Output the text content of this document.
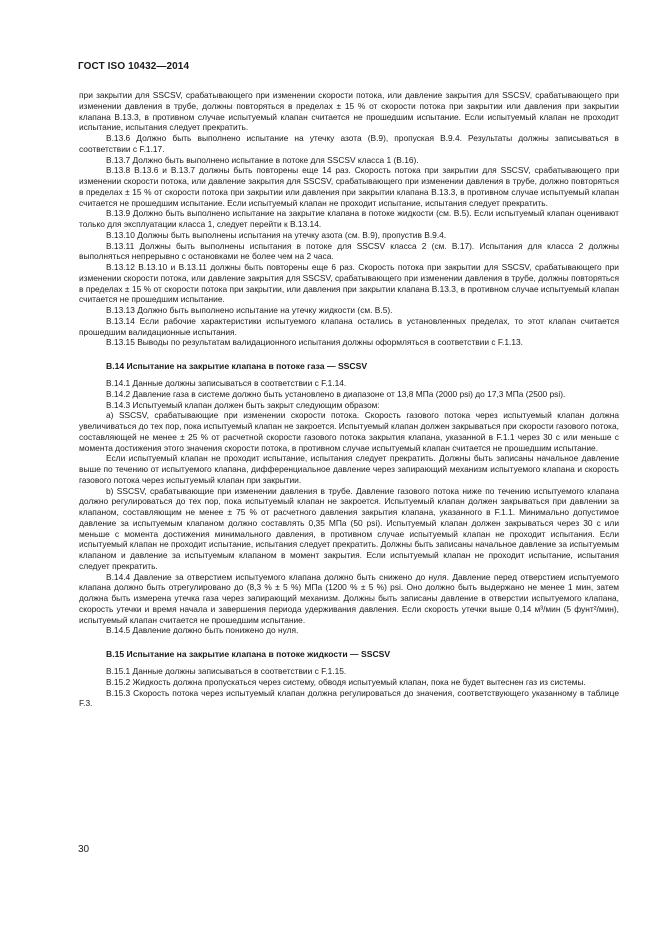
ГОСТ ISO 10432—2014

при закрытии для SSCSV, срабатывающего при изменении скорости потока, или давление закрытия для SSCSV, срабатывающего при изменении давления в трубе, должны повторяться в пределах ± 15 % от скорости потока при закрытии или давления при закрытии клапана В.13.3, в противном случае испытуемый клапан считается не прошедшим испытание. Если испытуемый клапан не проходит испытание, испытания следует прекратить.

В.13.6 Должно быть выполнено испытание на утечку азота (В.9), пропуская В.9.4. Результаты должны записываться в соответствии с F.1.17.

В.13.7 Должно быть выполнено испытание в потоке для SSCSV класса 1 (В.16).

В.13.8 В.13.6 и В.13.7 должны быть повторены еще 14 раз. Скорость потока при закрытии для SSCSV, срабатывающего при изменении скорости потока, или давление закрытия для SSCSV, срабатывающего при изменении давления в трубе, должно повторяться в пределах ± 15 % от скорости потока при закрытии или давления при закрытии клапана В.13.3, в противном случае испытуемый клапан считается не прошедшим испытание. Если испытуемый клапан не проходит испытание, испытания следует прекратить.

В.13.9 Должно быть выполнено испытание на закрытие клапана в потоке жидкости (см. В.5). Если испытуемый клапан оценивают только для эксплуатации класса 1, следует перейти к В.13.14.

В.13.10 Должны быть выполнены испытания на утечку азота (см. В.9), пропустив В.9.4.

В.13.11 Должны быть выполнены испытания в потоке для SSCSV класса 2 (см. В.17). Испытания для класса 2 должны выполняться непрерывно с остановками не более чем на 2 часа.

В.13.12 В.13.10 и В.13.11 должны быть повторены еще 6 раз. Скорость потока при закрытии для SSCSV, срабатывающего при изменении скорости потока, или давление закрытия для SSCSV, срабатывающего при изменении давления в трубе, должны повторяться в пределах ± 15 % от скорости потока при закрытии, или давления при закрытии клапана В.13.3, в противном случае испытуемый клапан считается не прошедшим испытание.

В.13.13 Должно быть выполнено испытание на утечку жидкости (см. В.5).

В.13.14 Если рабочие характеристики испытуемого клапана остались в установленных пределах, то этот клапан считается прошедшим валидационные испытания.

В.13.15 Выводы по результатам валидационного испытания должны оформляться в соответствии с F.1.13.

В.14 Испытание на закрытие клапана в потоке газа — SSCSV

В.14.1 Данные должны записываться в соответствии с F.1.14.

В.14.2 Давление газа в системе должно быть установлено в диапазоне от 13,8 МПа (2000 psi) до 17,3 МПа (2500 psi).

В.14.3 Испытуемый клапан должен быть закрыт следующим образом:

a) SSCSV, срабатывающие при изменении скорости потока. Скорость газового потока через испытуемый клапан должна увеличиваться до тех пор, пока испытуемый клапан не закроется. Испытуемый клапан должен закрываться при скорости газового потока, составляющей не менее ± 25 % от расчетной скорости газового потока закрытия клапана, указанной в F.1.1 через 30 с или меньше с момента достижения этого значения скорости потока, в противном случае испытуемый клапан считается не прошедшим испытание.

Если испытуемый клапан не проходит испытание, испытания следует прекратить. Должны быть записаны начальное давление выше по течению от испытуемого клапана, дифференциальное давление через запирающий механизм испытуемого клапана и скорость газового потока через испытуемый клапан при закрытии.

b) SSCSV, срабатывающие при изменении давления в трубе. Давление газового потока ниже по течению испытуемого клапана должно регулироваться до тех пор, пока испытуемый клапан не закроется. Испытуемый клапан должен закрываться при давлении за клапаном, составляющим не менее ± 75 % от расчетного давления закрытия клапана, указанного в F.1.1. Минимально допустимое давление за испытуемым клапаном должно составлять 0,35 МПа (50 psi). Испытуемый клапан должен закрываться через 30 с или меньше с момента достижения минимального давления, в противном случае испытуемый клапан не проходит испытания. Если испытуемый клапан не проходит испытание, испытания следует прекратить. Должны быть записаны начальное давление за испытуемым клапаном и давление за испытуемым клапаном в момент закрытия. Если испытуемый клапан не проходит испытание, испытания следует прекратить.

В.14.4 Давление за отверстием испытуемого клапана должно быть снижено до нуля. Давление перед отверстием испытуемого клапана должно быть отрегулировано до (8,3 % ± 5 %) МПа (1200 % ± 5 %) psi. Оно должно быть выдержано не менее 1 мин, затем должна быть измерена утечка газа через запирающий механизм. Должны быть записаны давление в отверстии испытуемого клапана, скорость утечки и время начала и завершения периода удерживания давления. Если скорость утечки выше 0,14 м³/мин (5 фунт²/мин), испытуемый клапан считается не прошедшим испытание.

В.14.5 Давление должно быть понижено до нуля.

В.15 Испытание на закрытие клапана в потоке жидкости — SSCSV

В.15.1 Данные должны записываться в соответствии с F.1.15.

В.15.2 Жидкость должна пропускаться через систему, обводя испытуемый клапан, пока не будет вытеснен газ из системы.

В.15.3 Скорость потока через испытуемый клапан должна регулироваться до значения, соответствующего указанному в таблице F.3.

30
